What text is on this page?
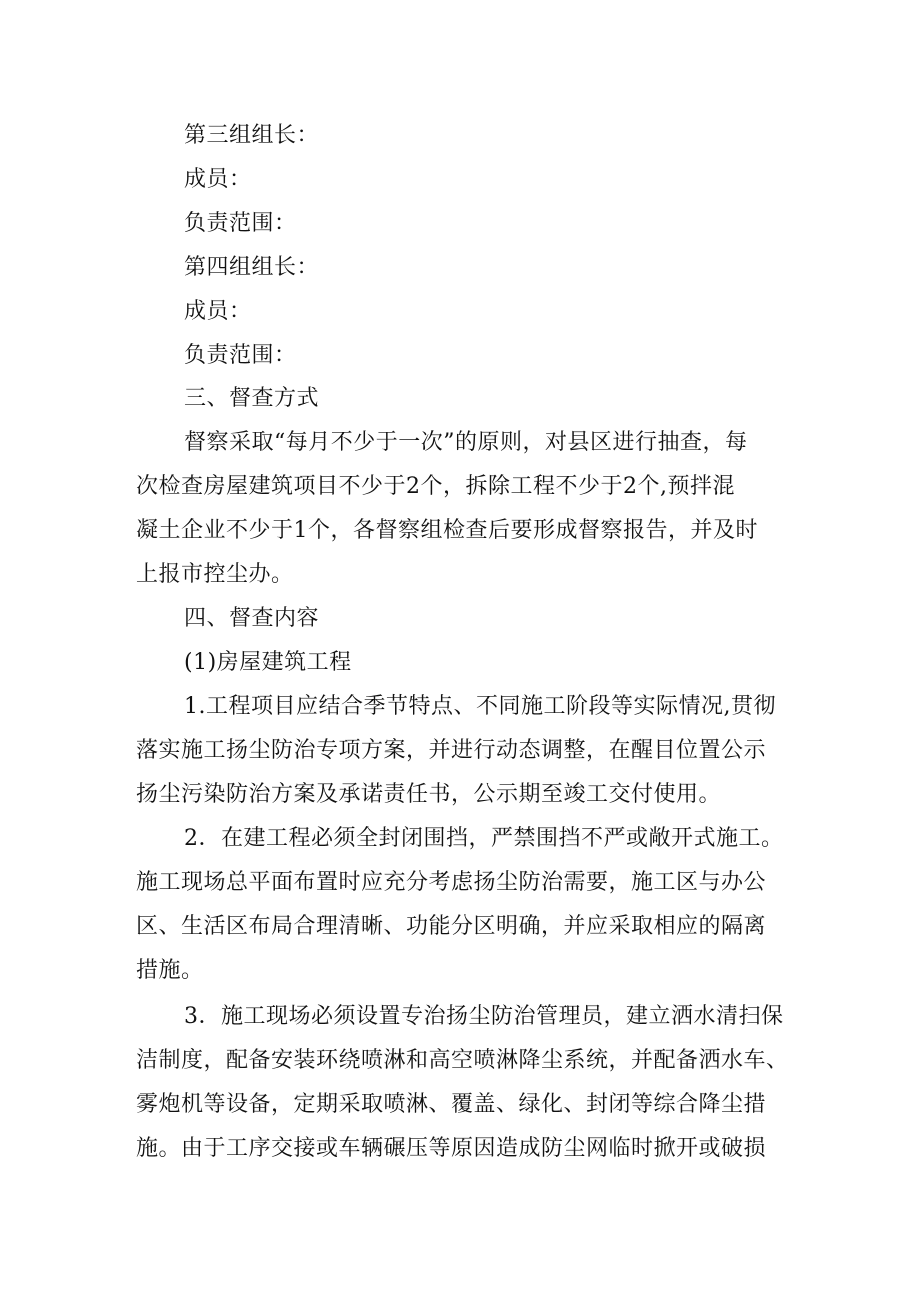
第三组组长：
成员：
负责范围：
第四组组长：
成员：
负责范围：
三、督查方式
督察采取“每月不少于一次”的原则，对县区进行抽查，每
次检查房屋建筑项目不少于2个，拆除工程不少于2个,预拌混
凝土企业不少于1个，各督察组检查后要形成督察报告，并及时
上报市控尘办。
四、督查内容
(1)房屋建筑工程
1.工程项目应结合季节特点、不同施工阶段等实际情况,贯彻
落实施工扬尘防治专项方案，并进行动态调整，在醒目位置公示
扬尘污染防治方案及承诺责任书，公示期至竣工交付使用。
2．在建工程必须全封闭围挡，严禁围挡不严或敞开式施工。
施工现场总平面布置时应充分考虑扬尘防治需要，施工区与办公
区、生活区布局合理清晰、功能分区明确，并应采取相应的隔离
措施。
3．施工现场必须设置专治扬尘防治管理员，建立洒水清扫保
洁制度，配备安装环绕喷淋和高空喷淋降尘系统，并配备洒水车、
雾炮机等设备，定期采取喷淋、覆盖、绿化、封闭等综合降尘措
施。由于工序交接或车辆碾压等原因造成防尘网临时掀开或破损
